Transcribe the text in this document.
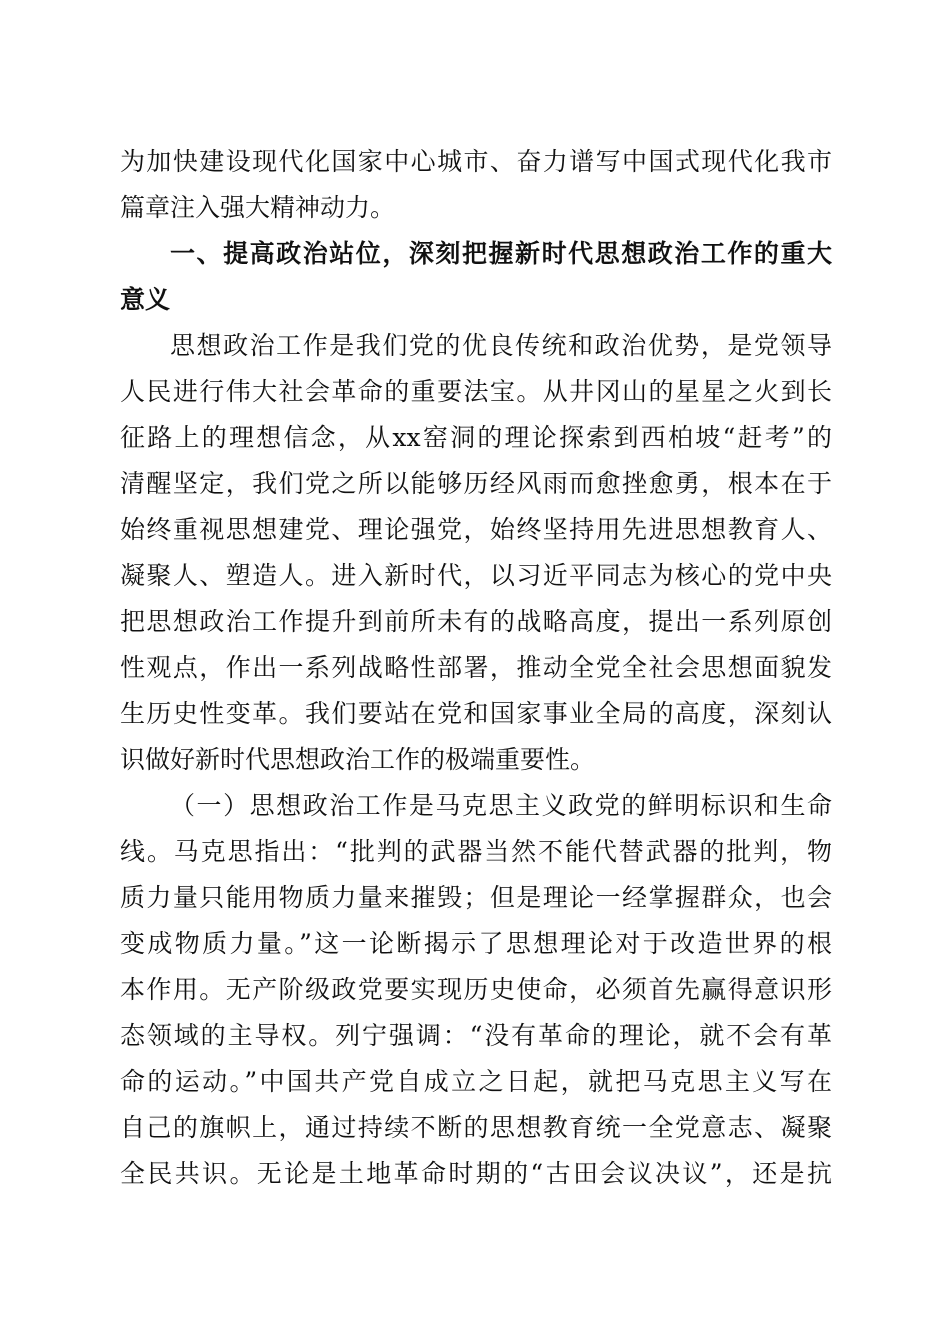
为加快建设现代化国家中心城市、奋力谱写中国式现代化我市
篇章注入强大精神动力。
一、提高政治站位，深刻把握新时代思想政治工作的重大
意义
思想政治工作是我们党的优良传统和政治优势，是党领导
人民进行伟大社会革命的重要法宝。从井冈山的星星之火到长
征路上的理想信念，从xx窑洞的理论探索到西柏坡“赶考”的
清醒坚定，我们党之所以能够历经风雨而愈挫愈勇，根本在于
始终重视思想建党、理论强党，始终坚持用先进思想教育人、
凝聚人、塑造人。进入新时代，以习近平同志为核心的党中央
把思想政治工作提升到前所未有的战略高度，提出一系列原创
性观点，作出一系列战略性部署，推动全党全社会思想面貌发
生历史性变革。我们要站在党和国家事业全局的高度，深刻认
识做好新时代思想政治工作的极端重要性。
（一）思想政治工作是马克思主义政党的鲜明标识和生命
线。马克思指出：“批判的武器当然不能代替武器的批判，物
质力量只能用物质力量来摧毁；但是理论一经掌握群众，也会
变成物质力量。”这一论断揭示了思想理论对于改造世界的根
本作用。无产阶级政党要实现历史使命，必须首先赢得意识形
态领域的主导权。列宁强调：“没有革命的理论，就不会有革
命的运动。”中国共产党自成立之日起，就把马克思主义写在
自己的旗帜上，通过持续不断的思想教育统一全党意志、凝聚
全民共识。无论是土地革命时期的“古田会议决议”，还是抗
